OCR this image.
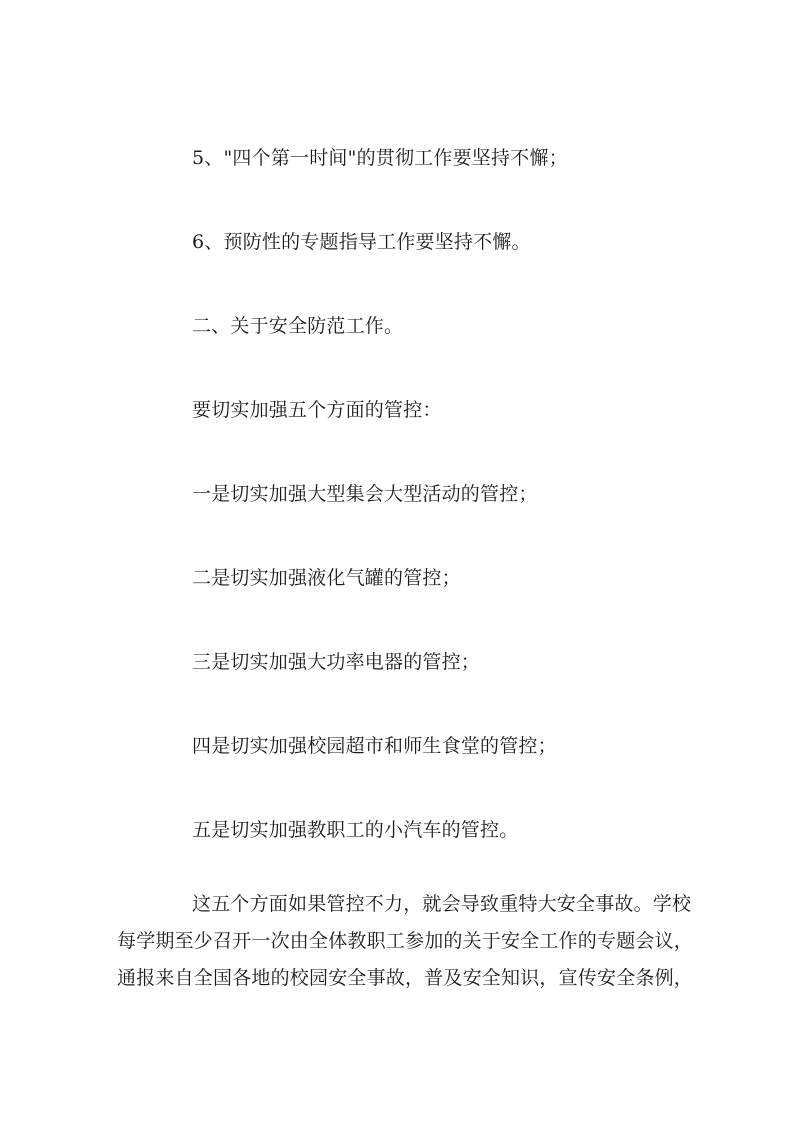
5、"四个第一时间"的贯彻工作要坚持不懈；
6、预防性的专题指导工作要坚持不懈。
二、关于安全防范工作。
要切实加强五个方面的管控：
一是切实加强大型集会大型活动的管控；
二是切实加强液化气罐的管控；
三是切实加强大功率电器的管控；
四是切实加强校园超市和师生食堂的管控；
五是切实加强教职工的小汽车的管控。
这五个方面如果管控不力，就会导致重特大安全事故。学校
每学期至少召开一次由全体教职工参加的关于安全工作的专题会议，
通报来自全国各地的校园安全事故，普及安全知识，宣传安全条例，
